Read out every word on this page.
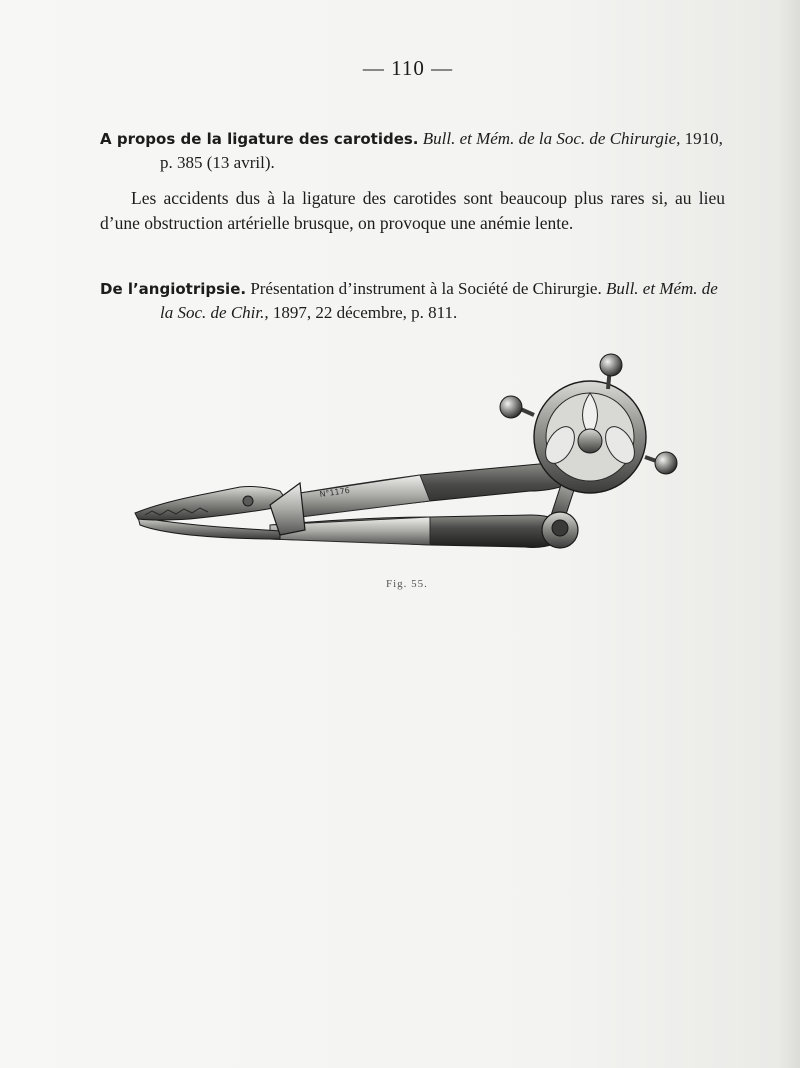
— 110 —

A propos de la ligature des carotides. Bull. et Mém. de la Soc. de Chirurgie, 1910, p. 385 (13 avril).

Les accidents dus à la ligature des carotides sont beaucoup plus rares si, au lieu d’une obstruction artérielle brusque, on provoque une anémie lente.

De l’angiotripsie. Présentation d’instrument à la Société de Chirurgie. Bull. et Mém. de la Soc. de Chir., 1897, 22 décembre, p. 811.

N°1176
Fig. 55.
